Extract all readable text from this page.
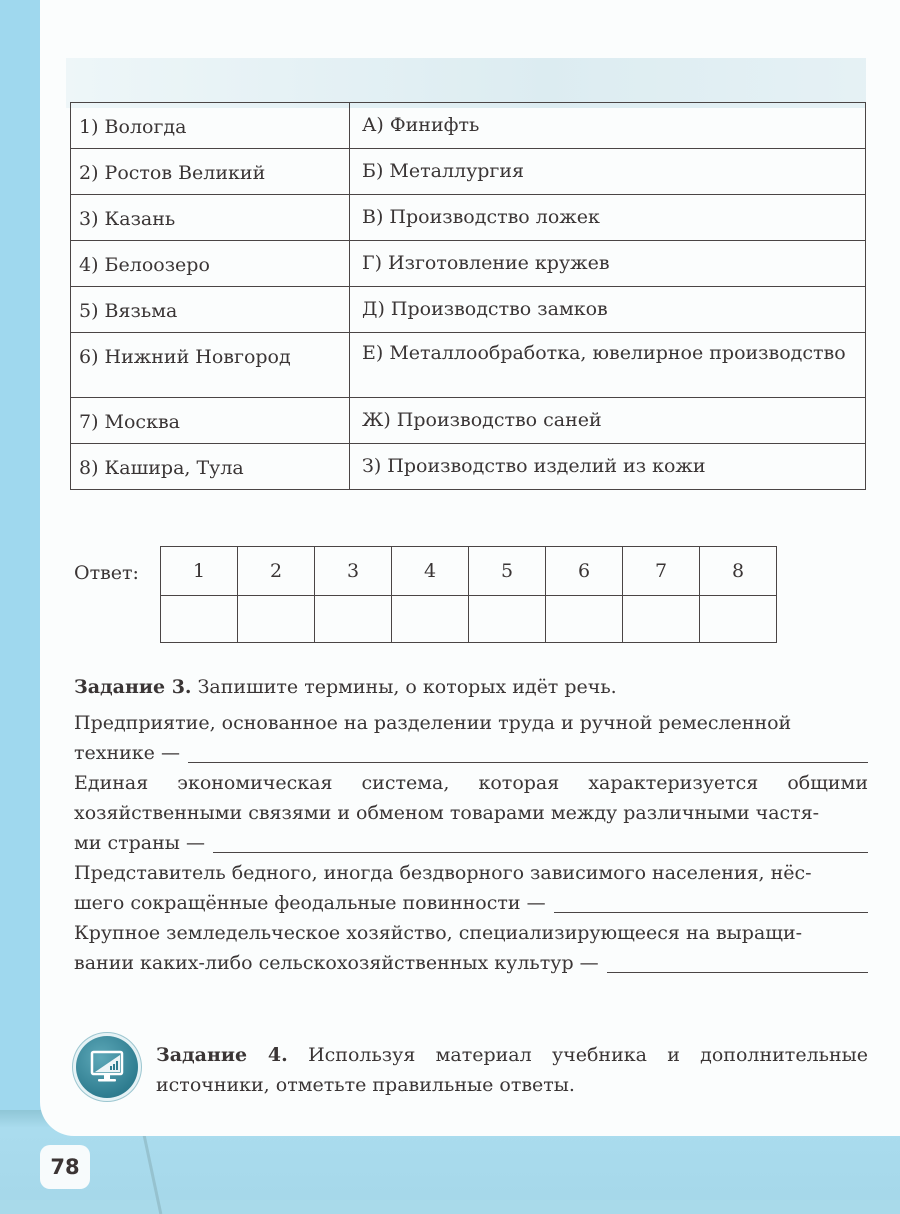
1) Вологда	А) Финифть
2) Ростов Великий	Б) Металлургия
3) Казань	В) Производство ложек
4) Белоозеро	Г) Изготовление кружев
5) Вязьма	Д) Производство замков
6) Нижний Новгород	Е) Металлообработка, ювелирное производство
7) Москва	Ж) Производство саней
8) Кашира, Тула	З) Производство изделий из кожи
Ответ:	1	2	3	4	5	6	7	8

Задание 3. Запишите термины, о которых идёт речь.

Предприятие, основанное на разделении труда и ручной ремесленной

технике —

Единая экономическая система, которая характеризуется общими хозяйственными связями и обменом товарами между различными частя-

ми страны —

Представитель бедного, иногда бездворного зависимого населения, нёс-

шего сокращённые феодальные повинности —

Крупное земледельческое хозяйство, специализирующееся на выращи-

вании каких-либо сельскохозяйственных культур —
Задание 4. Используя материал учебника и дополнительные источники, отметьте правильные ответы.
78
